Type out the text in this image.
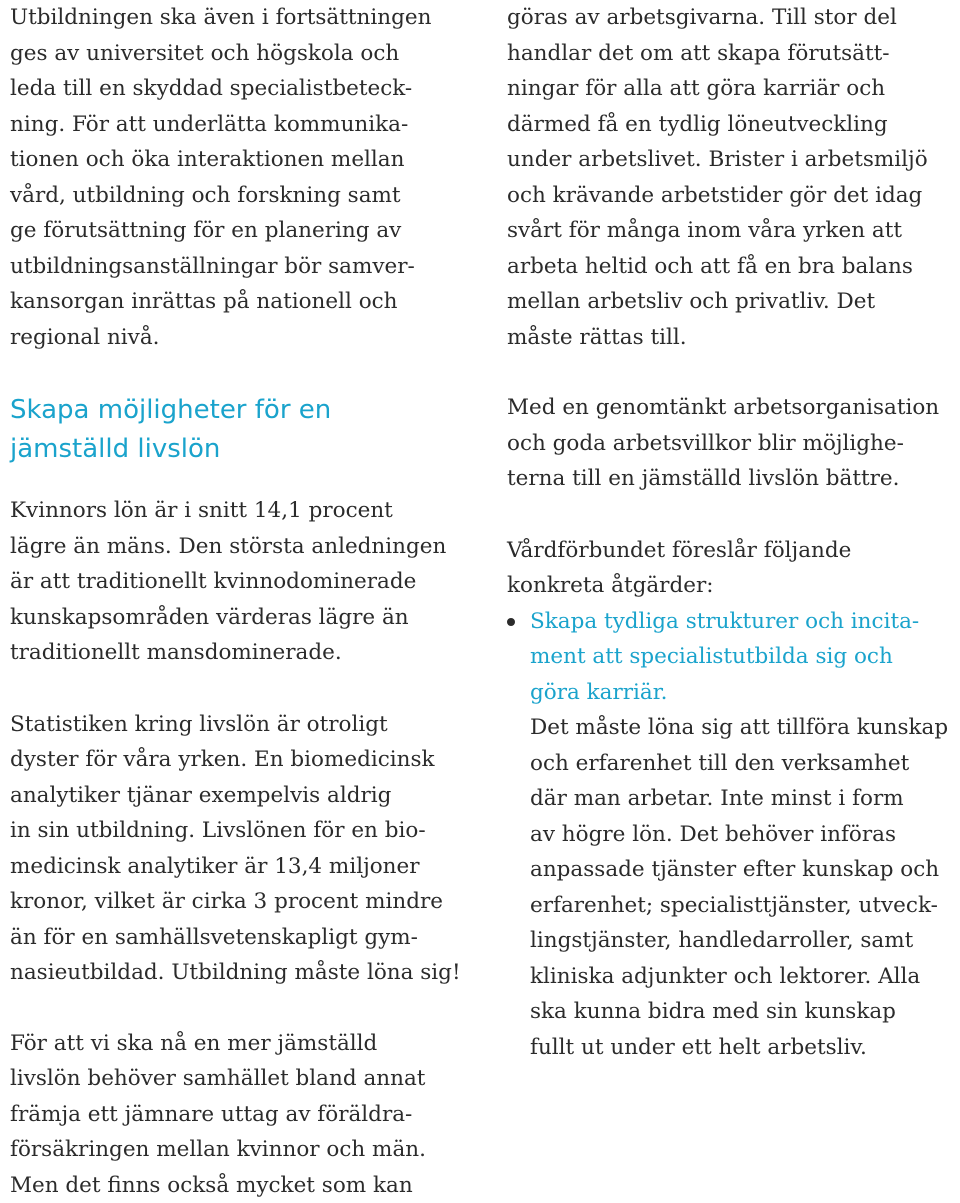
Utbildningen ska även i fortsättningen
ges av universitet och högskola och
leda till en skyddad specialistbeteck-
ning. För att underlätta kommunika-
tionen och öka interaktionen mellan
vård, utbildning och forskning samt
ge förutsättning för en planering av
utbildningsanställningar bör samver-
kansorgan inrättas på nationell och
regional nivå.

Skapa möjligheter för en
jämställd livslön

Kvinnors lön är i snitt 14,1 procent
lägre än mäns. Den största anledningen
är att traditionellt kvinnodominerade
kunskapsområden värderas lägre än
traditionellt mansdominerade.

Statistiken kring livslön är otroligt
dyster för våra yrken. En biomedicinsk
analytiker tjänar exempelvis aldrig
in sin utbildning. Livslönen för en bio-
medicinsk analytiker är 13,4 miljoner
kronor, vilket är cirka 3 procent mindre
än för en samhällsvetenskapligt gym-
nasieutbildad. Utbildning måste löna sig!

För att vi ska nå en mer jämställd
livslön behöver samhället bland annat
främja ett jämnare uttag av föräldra-
försäkringen mellan kvinnor och män.
Men det finns också mycket som kan

göras av arbetsgivarna. Till stor del
handlar det om att skapa förutsätt-
ningar för alla att göra karriär och
därmed få en tydlig löneutveckling
under arbetslivet. Brister i arbetsmiljö
och krävande arbetstider gör det idag
svårt för många inom våra yrken att
arbeta heltid och att få en bra balans
mellan arbetsliv och privatliv. Det
måste rättas till.

Med en genomtänkt arbetsorganisation
och goda arbetsvillkor blir möjlighe-
terna till en jämställd livslön bättre.

Vårdförbundet föreslår följande
konkreta åtgärder:

Skapa tydliga strukturer och incita-
ment att specialistutbilda sig och
göra karriär.

Det måste löna sig att tillföra kunskap
och erfarenhet till den verksamhet
där man arbetar. Inte minst i form
av högre lön. Det behöver införas
anpassade tjänster efter kunskap och
erfarenhet; specialisttjänster, utveck-
lingstjänster, handledarroller, samt
kliniska adjunkter och lektorer. Alla
ska kunna bidra med sin kunskap
fullt ut under ett helt arbetsliv.
